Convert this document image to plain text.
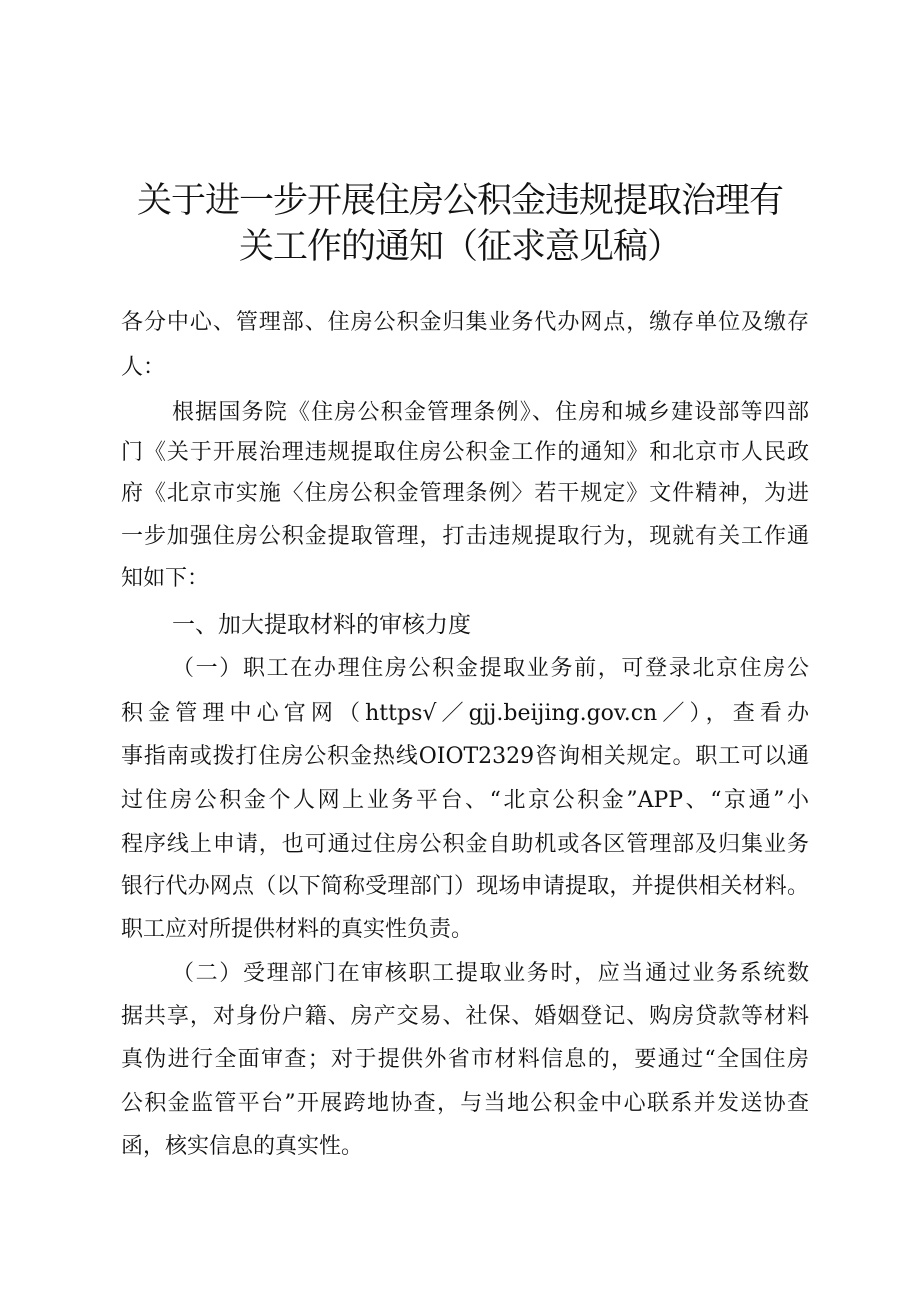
关于进一步开展住房公积金违规提取治理有
关工作的通知（征求意见稿）
各分中心、管理部、住房公积金归集业务代办网点，缴存单位及缴存
人：
根据国务院《住房公积金管理条例》、住房和城乡建设部等四部
门《关于开展治理违规提取住房公积金工作的通知》和北京市人民政
府《北京市实施〈住房公积金管理条例〉若干规定》文件精神，为进
一步加强住房公积金提取管理，打击违规提取行为，现就有关工作通
知如下：
一、加大提取材料的审核力度
（一）职工在办理住房公积金提取业务前，可登录北京住房公
积金管理中心官网（https√／gjj.beijing.gov.cn／），查看办
事指南或拨打住房公积金热线OIOT2329咨询相关规定。职工可以通
过住房公积金个人网上业务平台、“北京公积金”APP、“京通”小
程序线上申请，也可通过住房公积金自助机或各区管理部及归集业务
银行代办网点（以下简称受理部门）现场申请提取，并提供相关材料。
职工应对所提供材料的真实性负责。
（二）受理部门在审核职工提取业务时，应当通过业务系统数
据共享，对身份户籍、房产交易、社保、婚姻登记、购房贷款等材料
真伪进行全面审查；对于提供外省市材料信息的，要通过“全国住房
公积金监管平台”开展跨地协查，与当地公积金中心联系并发送协查
函，核实信息的真实性。
